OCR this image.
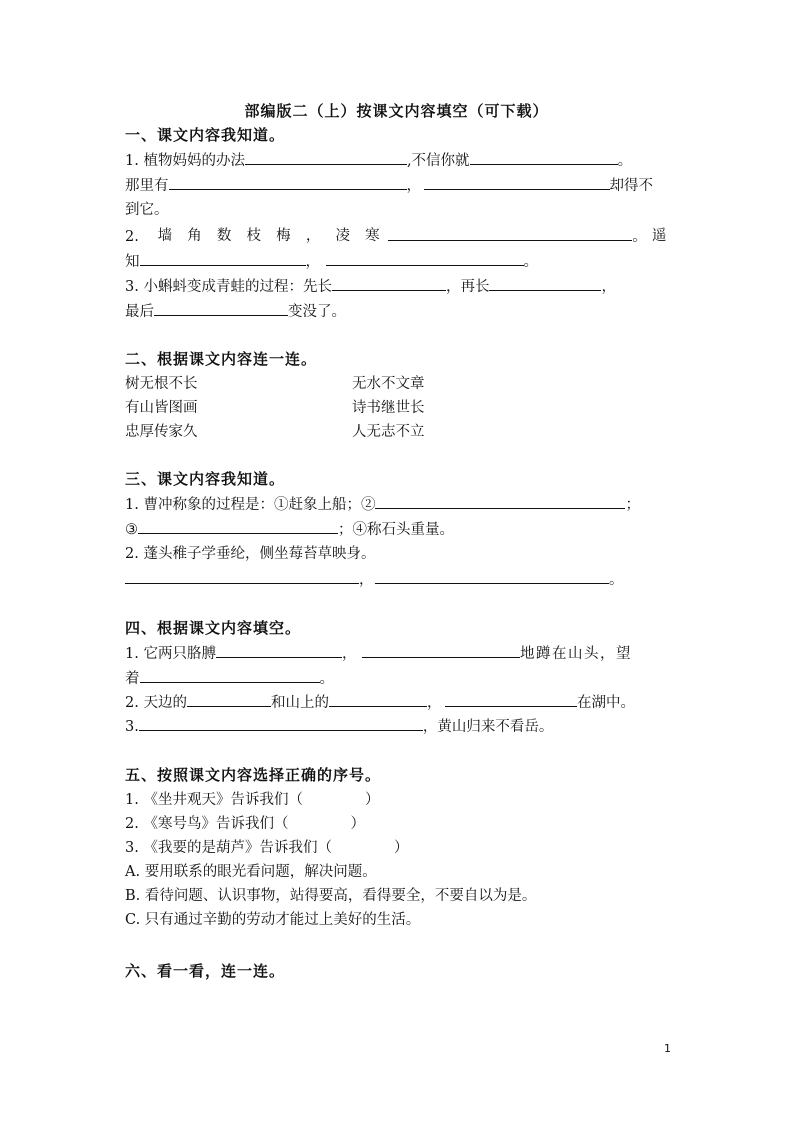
部编版二（上）按课文内容填空（可下载）
一、课文内容我知道。
1. 植物妈妈的办法	,不信你就	。
那里有	，	却得不
到它。
2. 墙 角 数 枝 梅 ， 凌 寒	。 遥
知	，	。
3. 小蝌蚪变成青蛙的过程：先长	，再长	，
最后	变没了。
二、根据课文内容连一连。
树无根不长	无水不文章
有山皆图画	诗书继世长
忠厚传家久	人无志不立
三、课文内容我知道。
1. 曹冲称象的过程是：①赶象上船；②	；
③	；④称石头重量。
2. 蓬头稚子学垂纶，侧坐莓苔草映身。
，	。
四、根据课文内容填空。
1. 它两只胳膊	，	地蹲在山头，望
着	。
2. 天边的	和山上的	，	在湖中。
3.	，黄山归来不看岳。
五、按照课文内容选择正确的序号。
1. 《坐井观天》告诉我们（	）
2. 《寒号鸟》告诉我们（	）
3. 《我要的是葫芦》告诉我们（	）
A. 要用联系的眼光看问题，解决问题。
B. 看待问题、认识事物，站得要高，看得要全，不要自以为是。
C. 只有通过辛勤的劳动才能过上美好的生活。
六、看一看，连一连。
1
